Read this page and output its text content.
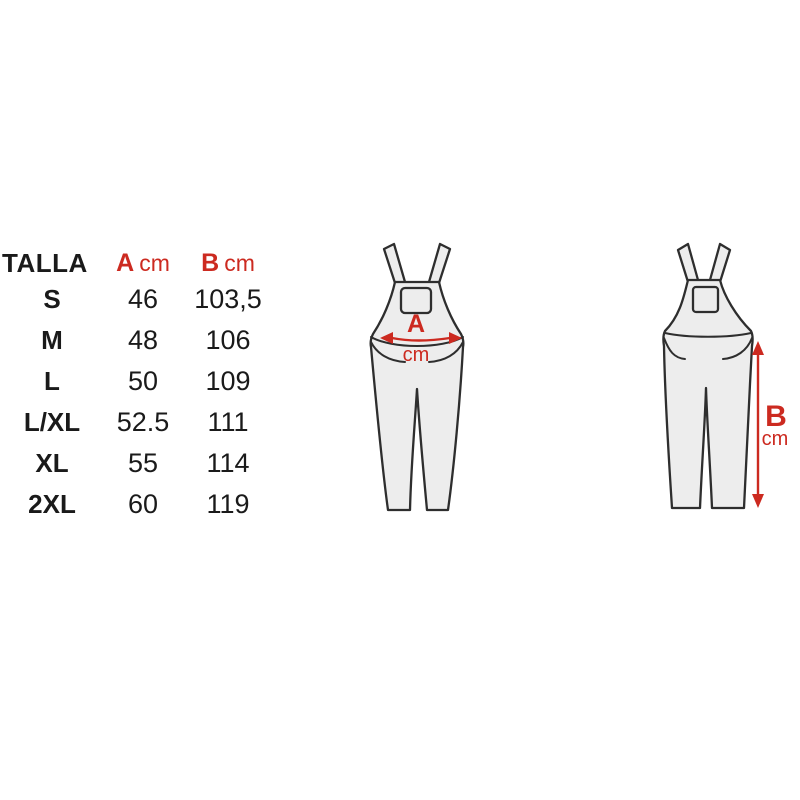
TALLA	A cm B cm
S	46	103,5
M	48	106
L	50	109
L/XL	52.5	111
XL	55	114
2XL	60	119
A
cm
B
cm
